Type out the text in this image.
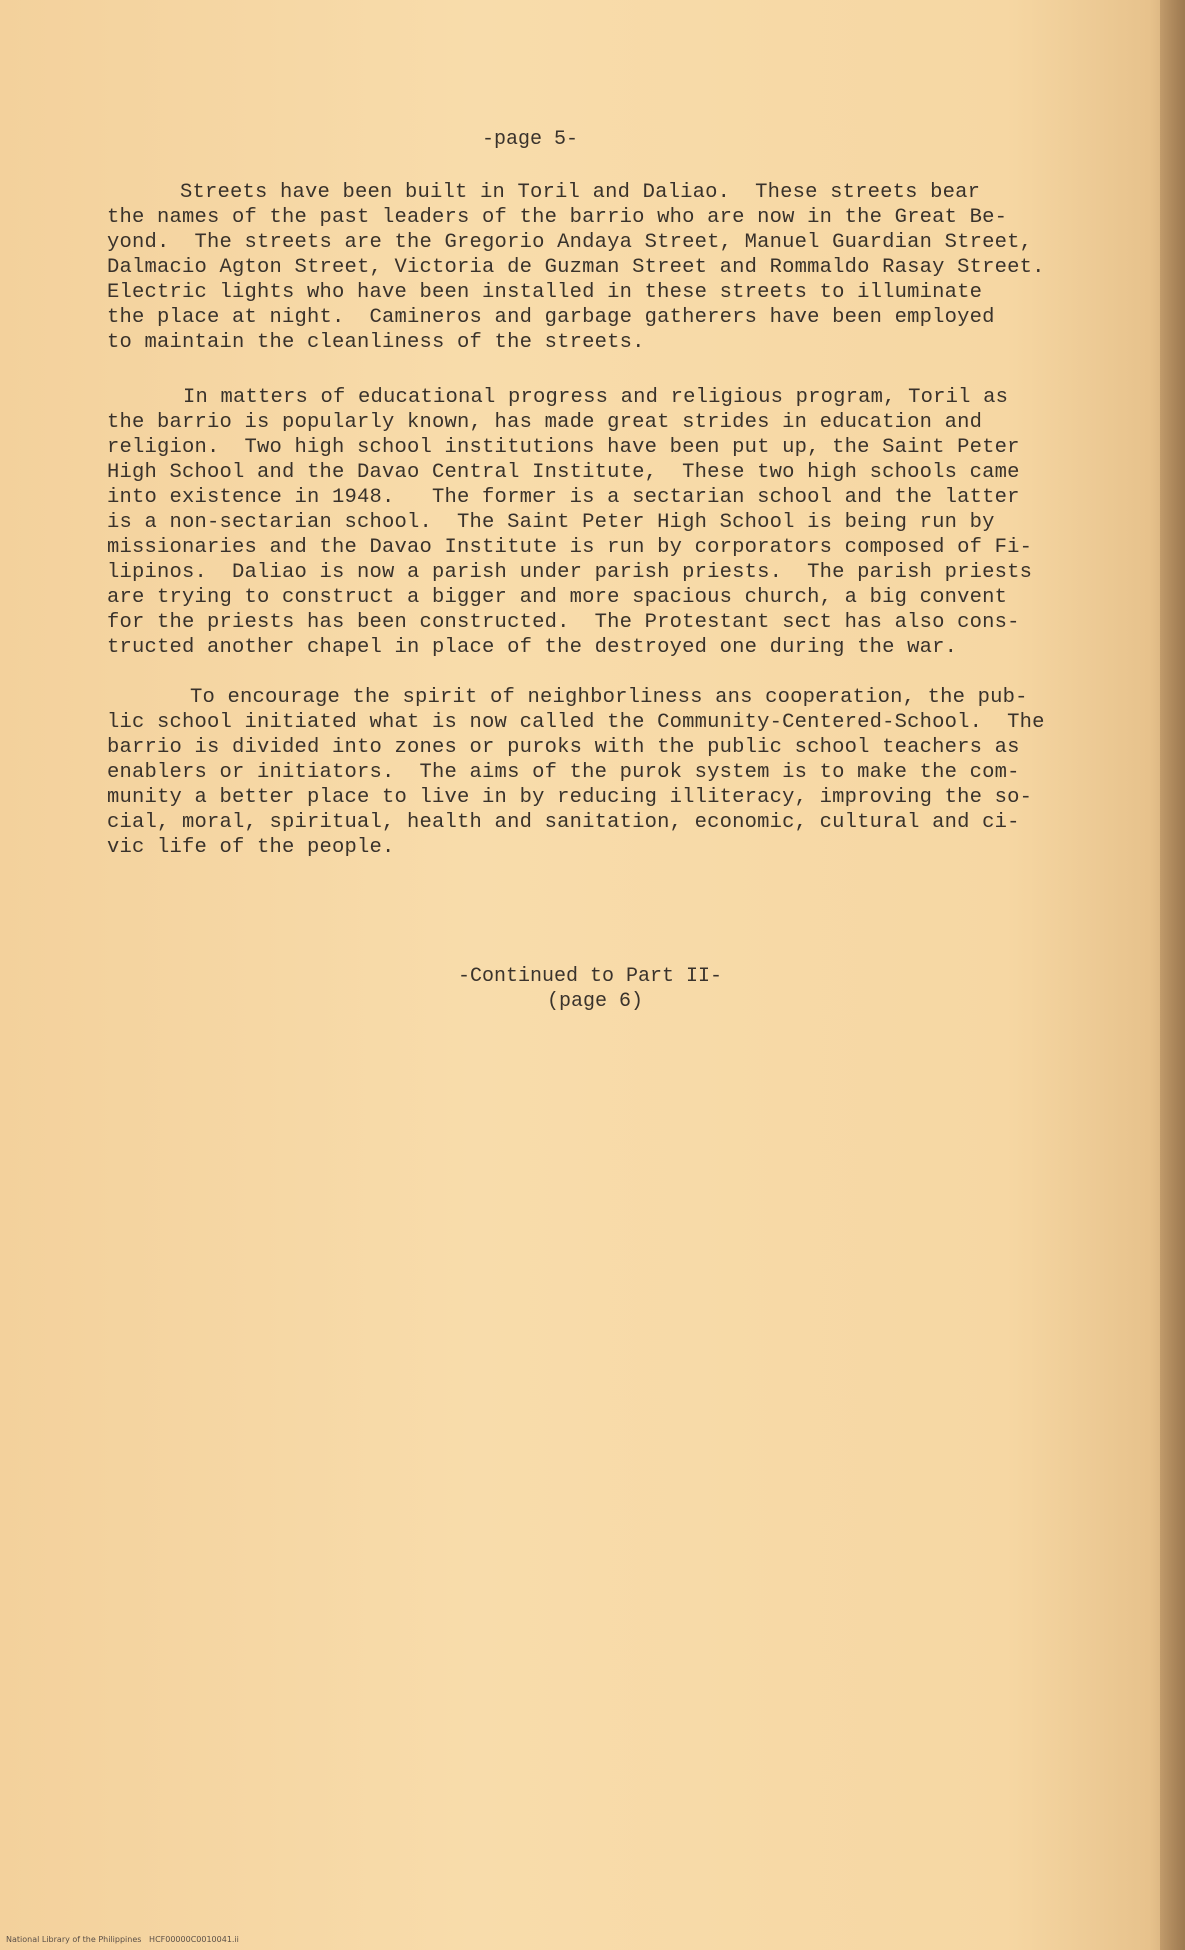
-page 5-
Streets have been built in Toril and Daliao.  These streets bear
the names of the past leaders of the barrio who are now in the Great Be-
yond.  The streets are the Gregorio Andaya Street, Manuel Guardian Street,
Dalmacio Agton Street, Victoria de Guzman Street and Rommaldo Rasay Street.
Electric lights who have been installed in these streets to illuminate
the place at night.  Camineros and garbage gatherers have been employed
to maintain the cleanliness of the streets.
In matters of educational progress and religious program, Toril as
the barrio is popularly known, has made great strides in education and
religion.  Two high school institutions have been put up, the Saint Peter
High School and the Davao Central Institute,  These two high schools came
into existence in 1948.   The former is a sectarian school and the latter
is a non-sectarian school.  The Saint Peter High School is being run by
missionaries and the Davao Institute is run by corporators composed of Fi-
lipinos.  Daliao is now a parish under parish priests.  The parish priests
are trying to construct a bigger and more spacious church, a big convent
for the priests has been constructed.  The Protestant sect has also cons-
tructed another chapel in place of the destroyed one during the war.
To encourage the spirit of neighborliness ans cooperation, the pub-
lic school initiated what is now called the Community-Centered-School.  The
barrio is divided into zones or puroks with the public school teachers as
enablers or initiators.  The aims of the purok system is to make the com-
munity a better place to live in by reducing illiteracy, improving the so-
cial, moral, spiritual, health and sanitation, economic, cultural and ci-
vic life of the people.
-Continued to Part II-
(page 6)
National Library of the Philippines   HCF00000C0010041.ii
